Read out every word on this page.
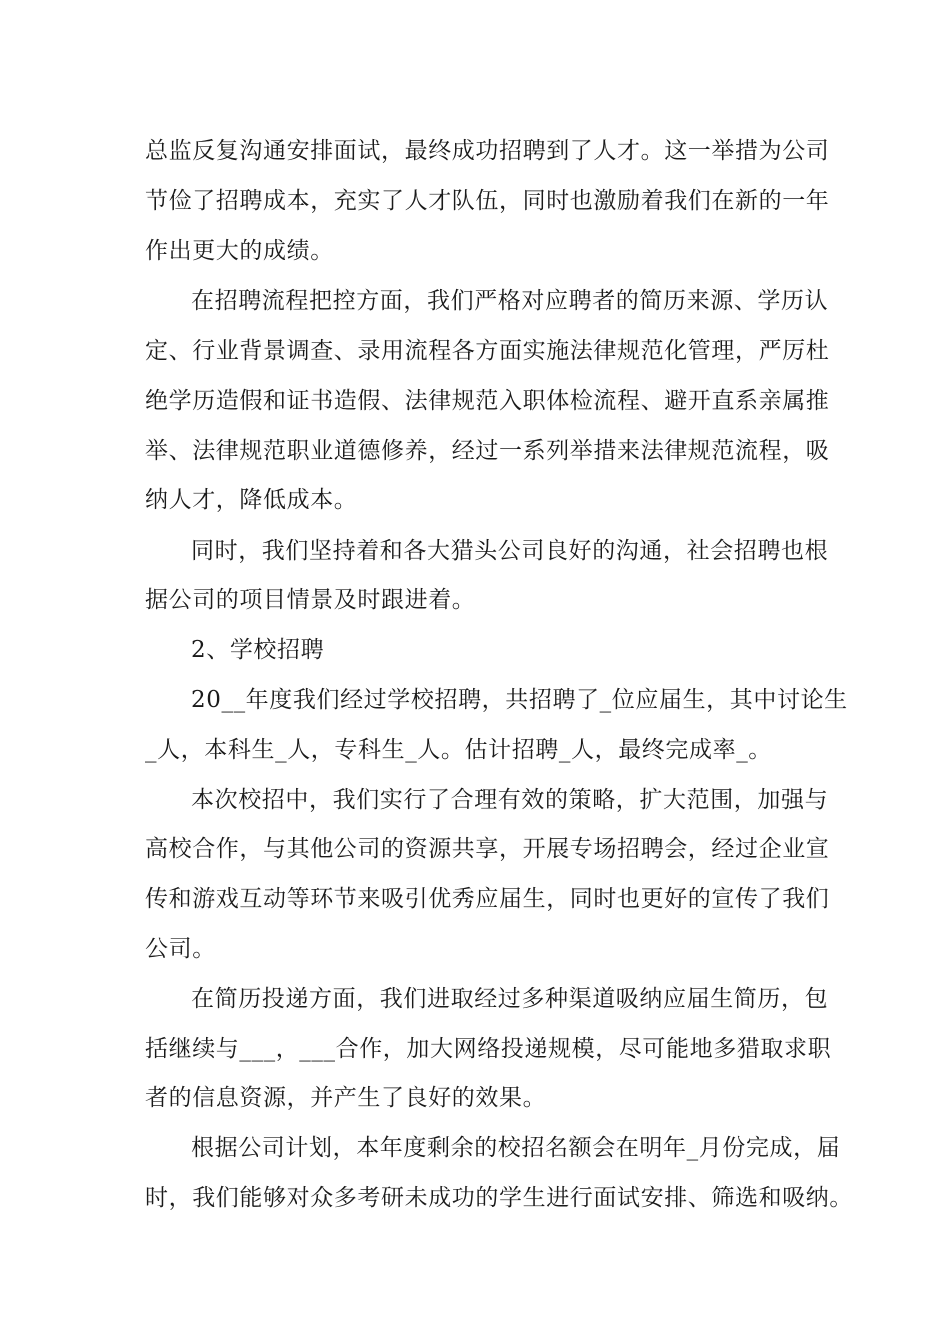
总监反复沟通安排面试，最终成功招聘到了人才。这一举措为公司
节俭了招聘成本，充实了人才队伍，同时也激励着我们在新的一年
作出更大的成绩。
在招聘流程把控方面，我们严格对应聘者的简历来源、学历认
定、行业背景调查、录用流程各方面实施法律规范化管理，严厉杜
绝学历造假和证书造假、法律规范入职体检流程、避开直系亲属推
举、法律规范职业道德修养，经过一系列举措来法律规范流程，吸
纳人才，降低成本。
同时，我们坚持着和各大猎头公司良好的沟通，社会招聘也根
据公司的项目情景及时跟进着。
2、学校招聘
20__年度我们经过学校招聘，共招聘了_位应届生，其中讨论生
_人，本科生_人，专科生_人。估计招聘_人，最终完成率_。
本次校招中，我们实行了合理有效的策略，扩大范围，加强与
高校合作，与其他公司的资源共享，开展专场招聘会，经过企业宣
传和游戏互动等环节来吸引优秀应届生，同时也更好的宣传了我们
公司。
在简历投递方面，我们进取经过多种渠道吸纳应届生简历，包
括继续与___，___合作，加大网络投递规模，尽可能地多猎取求职
者的信息资源，并产生了良好的效果。
根据公司计划，本年度剩余的校招名额会在明年_月份完成，届
时，我们能够对众多考研未成功的学生进行面试安排、筛选和吸纳。
